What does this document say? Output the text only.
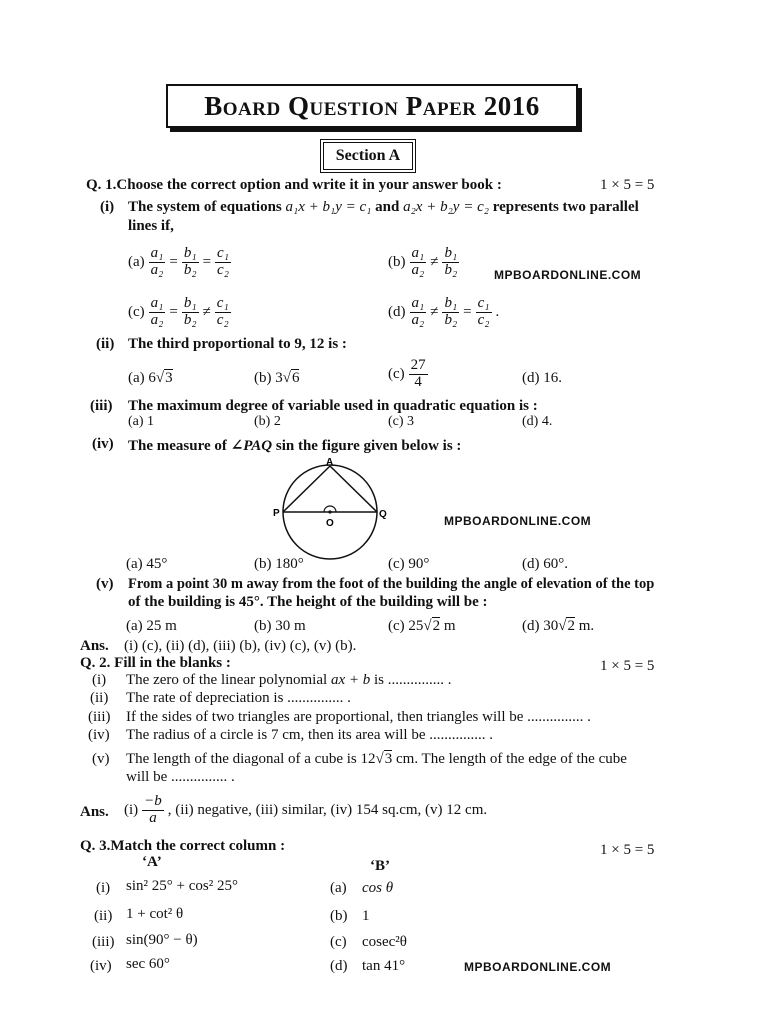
Board Question Paper 2016
Section A
Q. 1.Choose the correct option and write it in your answer book :	1 × 5 = 5
(i) The system of equations a₁x + b₁y = c₁ and a₂x + b₂y = c₂ represents two parallel
lines if,
$(a) \frac{\text{a₁}}{\text{a₂}} = \frac{\text{b₁}}{\text{b₂}} = \frac{\text{c₁}}{\text{c₂}}$	$(b) \frac{\text{a₁}}{\text{a₂}} \ne \frac{\text{b₁}}{\text{b₂}}$	MPBOARDONLINE.COM
$(c) \frac{\text{a₁}}{\text{a₂}} = \frac{\text{b₁}}{\text{b₂}} \ne \frac{\text{c₁}}{\text{c₂}}$	$(d) \frac{\text{a₁}}{\text{a₂}} \ne \frac{\text{b₁}}{\text{b₂}} = \frac{\text{c₁}}{\text{c₂}}$ .
(ii) The third proportional to 9, 12 is :
(a) 6√3	(b) 3√6	$(c) \frac{27}{4}$	(d) 16.
(iii) The maximum degree of variable used in quadratic equation is :
(a) 1	(b) 2	(c) 3	(d) 4.
(iv) The measure of ∠PAQ sin the figure given below is :
A
P	Q
O	MPBOARDONLINE.COM
(a) 45°	(b) 180°	(c) 90°	(d) 60°.
(v) From a point 30 m away from the foot of the building the angle of elevation of the top
of the building is 45°. The height of the building will be :
(a) 25 m	(b) 30 m	(c) 25√2 m	(d) 30√2 m.
Ans. (i) (c), (ii) (d), (iii) (b), (iv) (c), (v) (b).
Q. 2. Fill in the blanks :	1 × 5 = 5
(i) The zero of the linear polynomial ax + b is ............... .
(ii) The rate of depreciation is ............... .
(iii) If the sides of two triangles are proportional, then triangles will be ............... .
(iv) The radius of a circle is 7 cm, then its area will be ............... .
(v) The length of the diagonal of a cube is 12√3 cm. The length of the edge of the cube
will be ............... .
Ans. $(i) \frac{-b}{a}$ , (ii) negative, (iii) similar, (iv) 154 sq.cm, (v) 12 cm.
Q. 3.Match the correct column :	1 × 5 = 5
‘A’	‘B’
(i) sin² 25° + cos² 25°	(a) cos θ
(ii) 1 + cot² θ	(b) 1
(iii) sin(90° − θ)	(c) cosec²θ
(iv) sec 60°	(d) tan 41°	MPBOARDONLINE.COM
